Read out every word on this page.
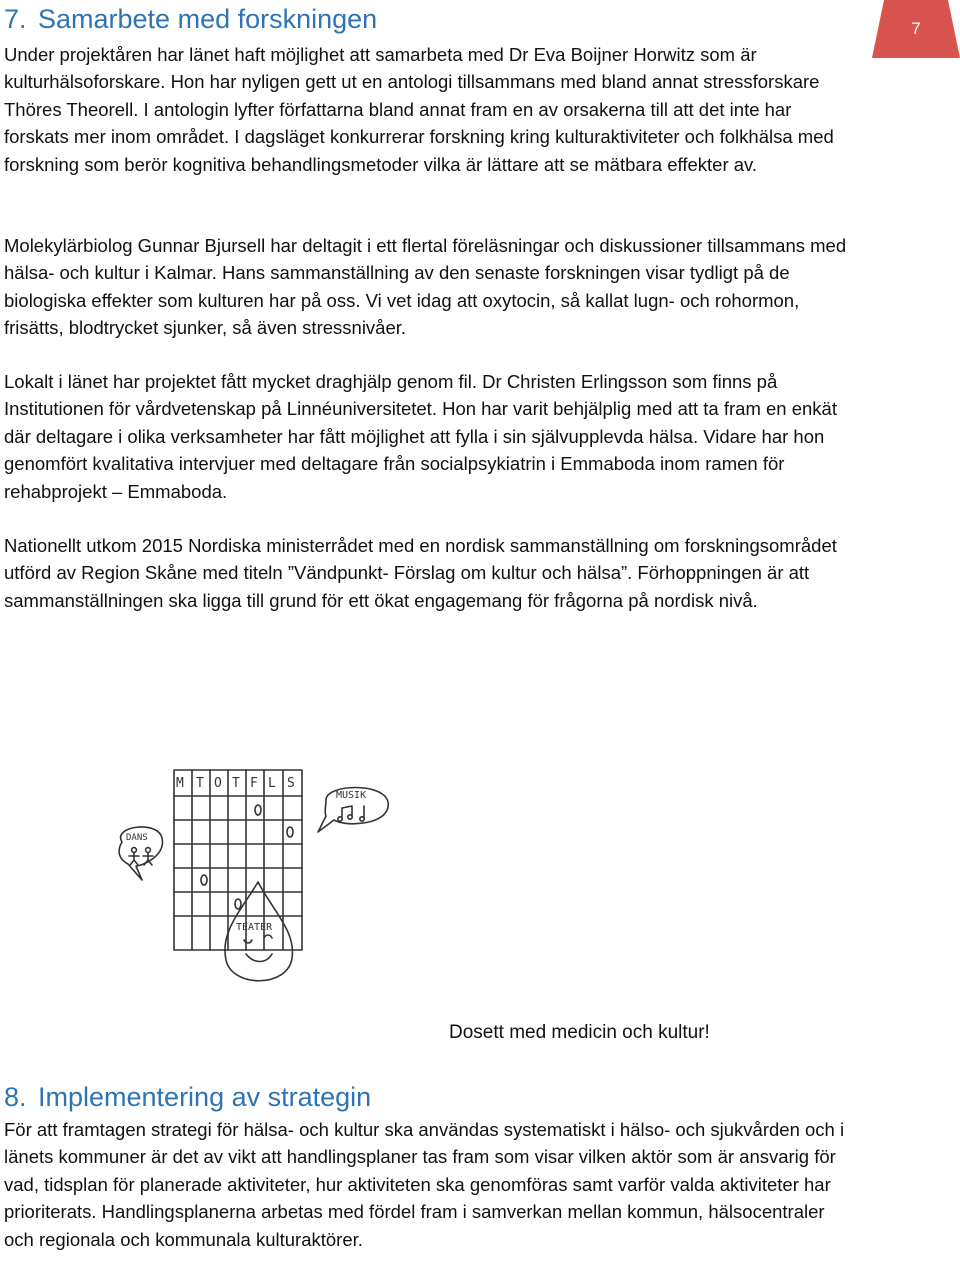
7
7. Samarbete med forskningen

Under projektåren har länet haft möjlighet att samarbeta med Dr Eva Boijner Horwitz som är kulturhälsoforskare. Hon har nyligen gett ut en antologi tillsammans med bland annat stressforskare Thöres Theorell. I antologin lyfter författarna bland annat fram en av orsakerna till att det inte har forskats mer inom området. I dagsläget konkurrerar forskning kring kulturaktiviteter och folkhälsa med forskning som berör kognitiva behandlingsmetoder vilka är lättare att se mätbara effekter av.

Molekylärbiolog Gunnar Bjursell har deltagit i ett flertal föreläsningar och diskussioner tillsammans med hälsa- och kultur i Kalmar. Hans sammanställning av den senaste forskningen visar tydligt på de biologiska effekter som kulturen har på oss. Vi vet idag att oxytocin, så kallat lugn- och rohormon, frisätts, blodtrycket sjunker, så även stressnivåer.

Lokalt i länet har projektet fått mycket draghjälp genom fil. Dr Christen Erlingsson som finns på Institutionen för vårdvetenskap på Linnéuniversitetet. Hon har varit behjälplig med att ta fram en enkät där deltagare i olika verksamheter har fått möjlighet att fylla i sin självupplevda hälsa. Vidare har hon genomfört kvalitativa intervjuer med deltagare från socialpsykiatrin i Emmaboda inom ramen för rehabprojekt – Emmaboda.

Nationellt utkom 2015 Nordiska ministerrådet med en nordisk sammanställning om forskningsområdet utförd av Region Skåne med titeln ”Vändpunkt- Förslag om kultur och hälsa”. Förhoppningen är att sammanställningen ska ligga till grund för ett ökat engagemang för frågorna på nordisk nivå.

M T O T F L S
MUSIK
DANS
TEATER
Dosett med medicin och kultur!
8. Implementering av strategin

För att framtagen strategi för hälsa- och kultur ska användas systematiskt i hälso- och sjukvården och i länets kommuner är det av vikt att handlingsplaner tas fram som visar vilken aktör som är ansvarig för vad, tidsplan för planerade aktiviteter, hur aktiviteten ska genomföras samt varför valda aktiviteter har prioriterats. Handlingsplanerna arbetas med fördel fram i samverkan mellan kommun, hälsocentraler och regionala och kommunala kulturaktörer.
